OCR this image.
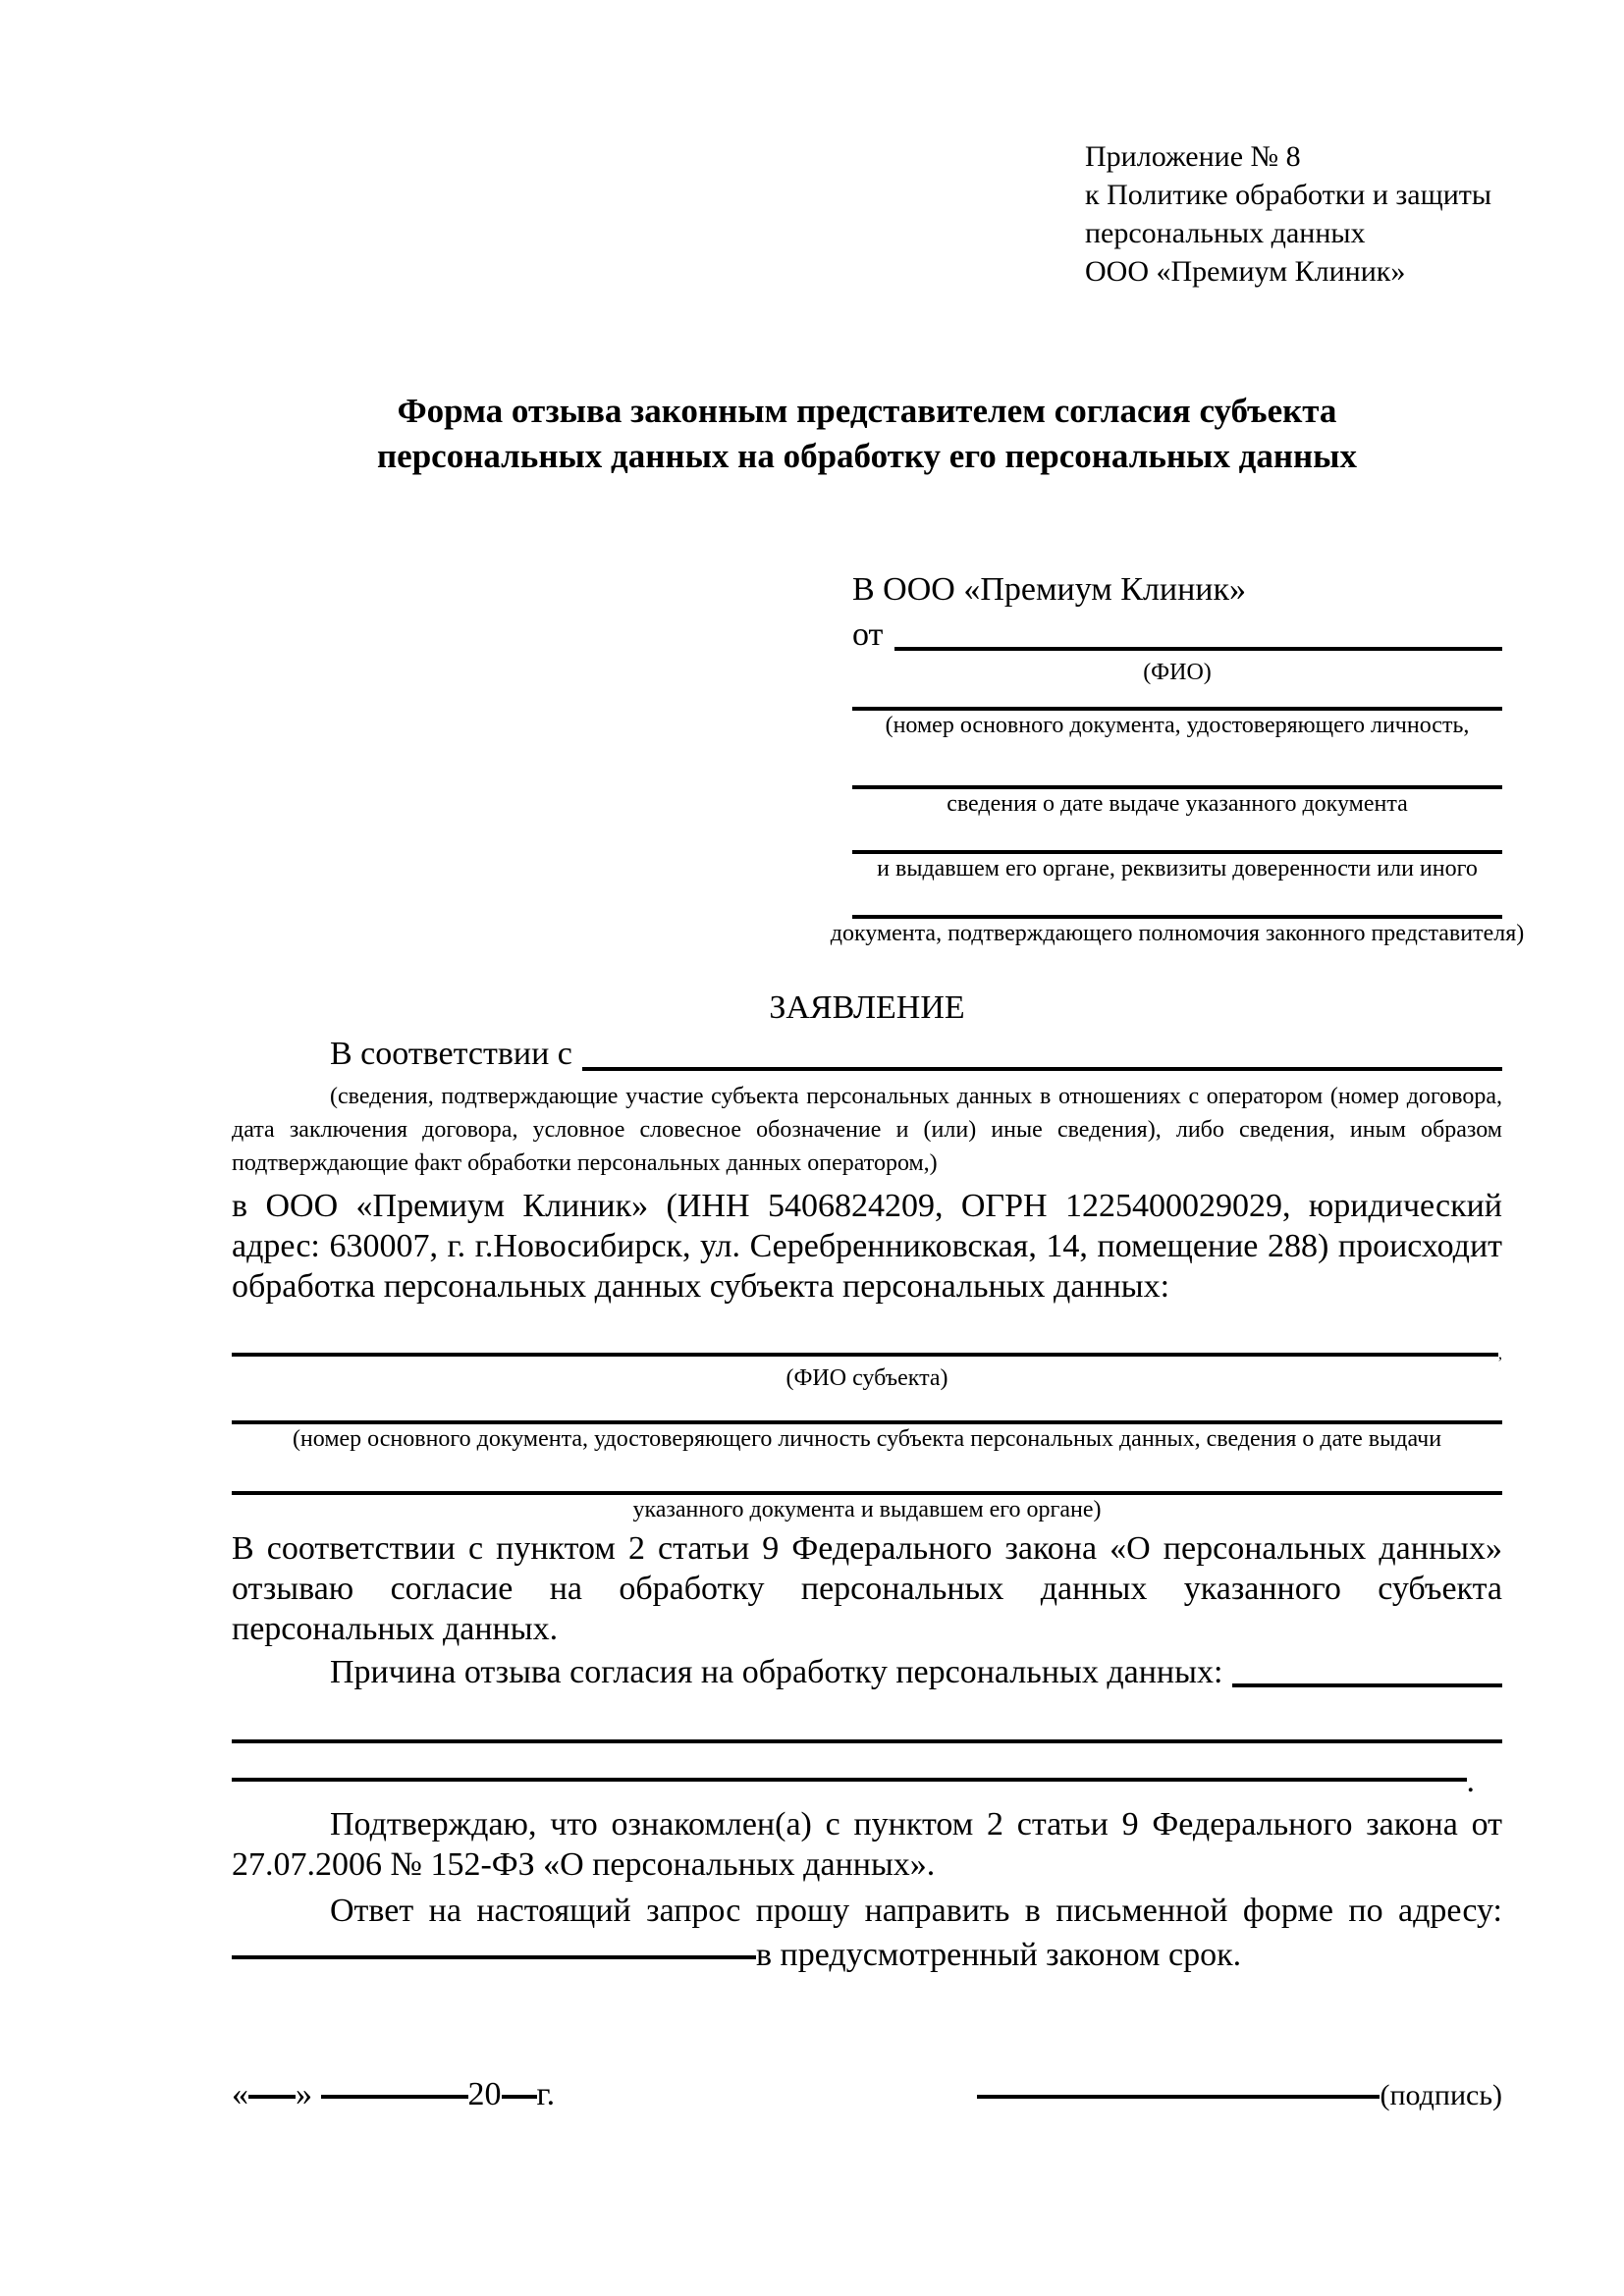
Приложение № 8
к Политике обработки и защиты
персональных данных
ООО «Премиум Клиник»
Форма отзыва законным представителем согласия субъекта
персональных данных на обработку его персональных данных
В ООО «Премиум Клиник»
от
(ФИО)
(номер основного документа, удостоверяющего личность,
сведения о дате выдаче указанного документа
и выдавшем его органе, реквизиты доверенности или иного
документа, подтверждающего полномочия законного представителя)
ЗАЯВЛЕНИЕ
В соответствии с

(сведения, подтверждающие участие субъекта персональных данных в отношениях с оператором (номер договора, дата заключения договора, условное словесное обозначение и (или) иные сведения), либо сведения, иным образом подтверждающие факт обработки персональных данных оператором,)

в ООО «Премиум Клиник» (ИНН 5406824209, ОГРН 1225400029029, юридический адрес: 630007, г. г.Новосибирск, ул. Серебренниковская, 14, помещение 288) происходит обработка персональных данных субъекта персональных данных:

,
(ФИО субъекта)
(номер основного документа, удостоверяющего личность субъекта персональных данных, сведения о дате выдачи
указанного документа и выдавшем его органе)

В соответствии с пунктом 2 статьи 9 Федерального закона «О персональных данных» отзываю согласие на обработку персональных данных указанного субъекта персональных данных.

Причина отзыва согласия на обработку персональных данных:
.

Подтверждаю, что ознакомлен(а) с пунктом 2 статьи 9 Федерального закона от 27.07.2006 № 152-ФЗ «О персональных данных».

Ответ на настоящий запрос прошу направить в письменной форме по адресу:

в предусмотренный законом срок.
« »	20 г.	(подпись)
